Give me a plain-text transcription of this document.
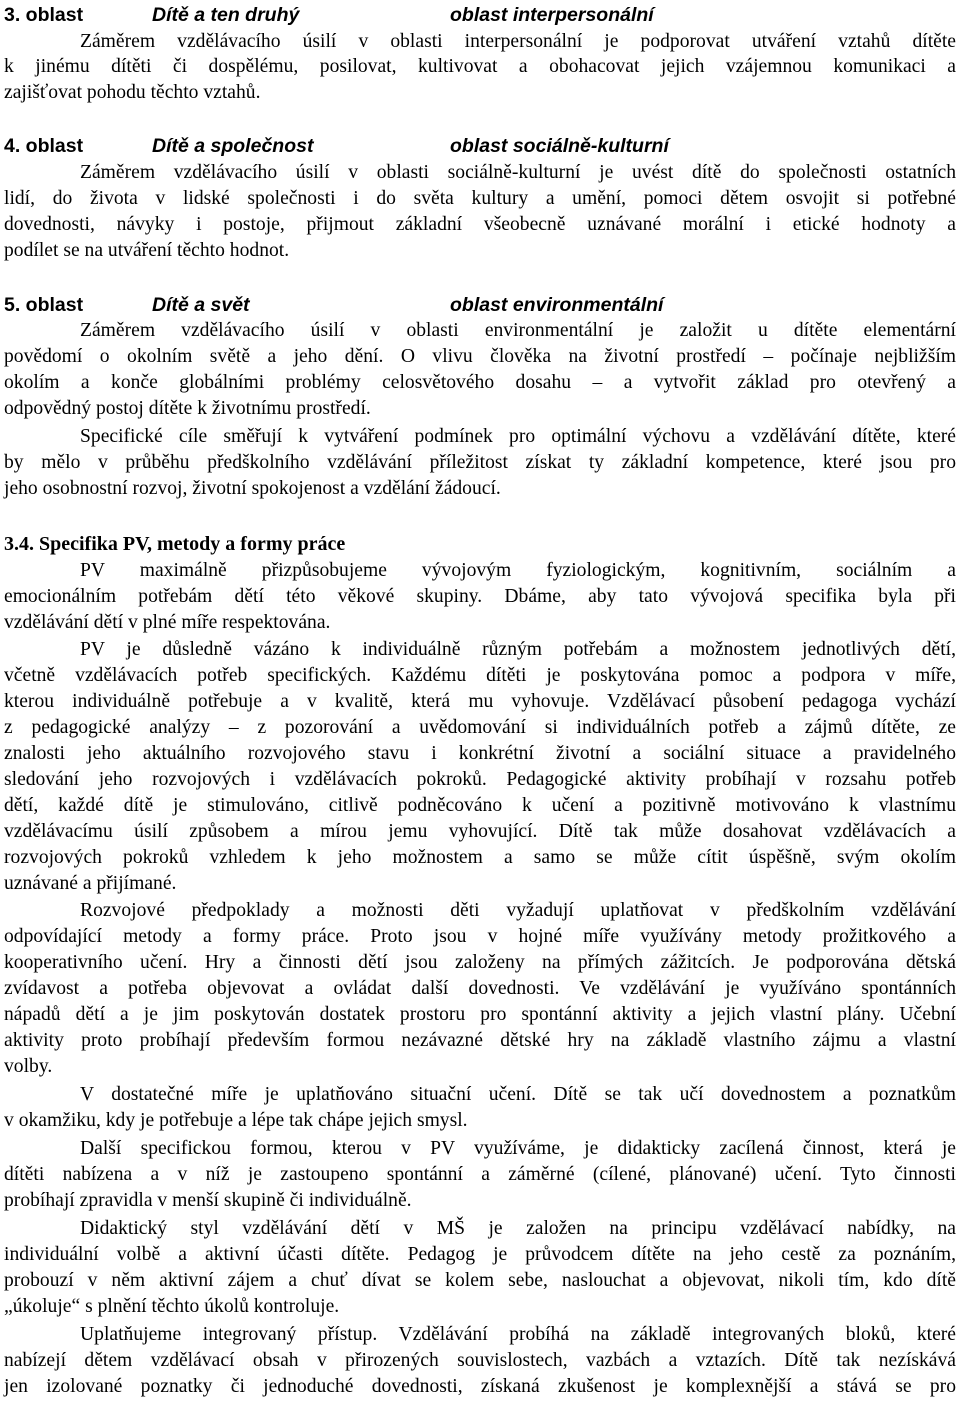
3. oblast	Dítě a ten druhý	oblast interpersonální
Záměrem vzdělávacího úsilí v oblasti interpersonální je podporovat utváření vztahů dítěte
k jinému dítěti či dospělému, posilovat, kultivovat a obohacovat jejich vzájemnou komunikaci a
zajišťovat pohodu těchto vztahů.
4. oblast	Dítě a společnost	oblast sociálně-kulturní
Záměrem vzdělávacího úsilí v oblasti sociálně-kulturní je uvést dítě do společnosti ostatních
lidí, do života v lidské společnosti i do světa kultury a umění, pomoci dětem osvojit si potřebné
dovednosti, návyky i postoje, přijmout základní všeobecně uznávané morální i etické hodnoty a
podílet se na utváření těchto hodnot.
5. oblast	Dítě a svět	oblast environmentální
Záměrem vzdělávacího úsilí v oblasti environmentální je založit u dítěte elementární
povědomí o okolním světě a jeho dění. O vlivu člověka na životní prostředí – počínaje nejbližším
okolím a konče globálními problémy celosvětového dosahu – a vytvořit základ pro otevřený a
odpovědný postoj dítěte k životnímu prostředí.
Specifické cíle směřují k vytváření podmínek pro optimální výchovu a vzdělávání dítěte, které
by mělo v průběhu předškolního vzdělávání příležitost získat ty základní kompetence, které jsou pro
jeho osobnostní rozvoj, životní spokojenost a vzdělání žádoucí.
3.4. Specifika PV, metody a formy práce
PV maximálně přizpůsobujeme vývojovým fyziologickým, kognitivním, sociálním a
emocionálním potřebám dětí této věkové skupiny. Dbáme, aby tato vývojová specifika byla při
vzdělávání dětí v plné míře respektována.
PV je důsledně vázáno k individuálně různým potřebám a možnostem jednotlivých dětí,
včetně vzdělávacích potřeb specifických. Každému dítěti je poskytována pomoc a podpora v míře,
kterou individuálně potřebuje a v kvalitě, která mu vyhovuje. Vzdělávací působení pedagoga vychází
z pedagogické analýzy – z pozorování a uvědomování si individuálních potřeb a zájmů dítěte, ze
znalosti jeho aktuálního rozvojového stavu i konkrétní životní a sociální situace a pravidelného
sledování jeho rozvojových i vzdělávacích pokroků. Pedagogické aktivity probíhají v rozsahu potřeb
dětí, každé dítě je stimulováno, citlivě podněcováno k učení a pozitivně motivováno k vlastnímu
vzdělávacímu úsilí způsobem a mírou jemu vyhovující. Dítě tak může dosahovat vzdělávacích a
rozvojových pokroků vzhledem k jeho možnostem a samo se může cítit úspěšně, svým okolím
uznávané a přijímané.
Rozvojové předpoklady a možnosti děti vyžadují uplatňovat v předškolním vzdělávání
odpovídající metody a formy práce. Proto jsou v hojné míře využívány metody prožitkového a
kooperativního učení. Hry a činnosti dětí jsou založeny na přímých zážitcích. Je podporována dětská
zvídavost a potřeba objevovat a ovládat další dovednosti. Ve vzdělávání je využíváno spontánních
nápadů dětí a je jim poskytován dostatek prostoru pro spontánní aktivity a jejich vlastní plány. Učební
aktivity proto probíhají především formou nezávazné dětské hry na základě vlastního zájmu a vlastní
volby.
V dostatečné míře je uplatňováno situační učení. Dítě se tak učí dovednostem a poznatkům
v okamžiku, kdy je potřebuje a lépe tak chápe jejich smysl.
Další specifickou formou, kterou v PV využíváme, je didakticky zacílená činnost, která je
dítěti nabízena a v níž je zastoupeno spontánní a záměrné (cílené, plánované) učení. Tyto činnosti
probíhají zpravidla v menší skupině či individuálně.
Didaktický styl vzdělávání dětí v MŠ je založen na principu vzdělávací nabídky, na
individuální volbě a aktivní účasti dítěte. Pedagog je průvodcem dítěte na jeho cestě za poznáním,
probouzí v něm aktivní zájem a chuť dívat se kolem sebe, naslouchat a objevovat, nikoli tím, kdo dítě
„úkoluje“ s plnění těchto úkolů kontroluje.
Uplatňujeme integrovaný přístup. Vzdělávání probíhá na základě integrovaných bloků, které
nabízejí dětem vzdělávací obsah v přirozených souvislostech, vazbách a vztazích. Dítě tak nezískává
jen izolované poznatky či jednoduché dovednosti, získaná zkušenost je komplexnější a stává se pro
